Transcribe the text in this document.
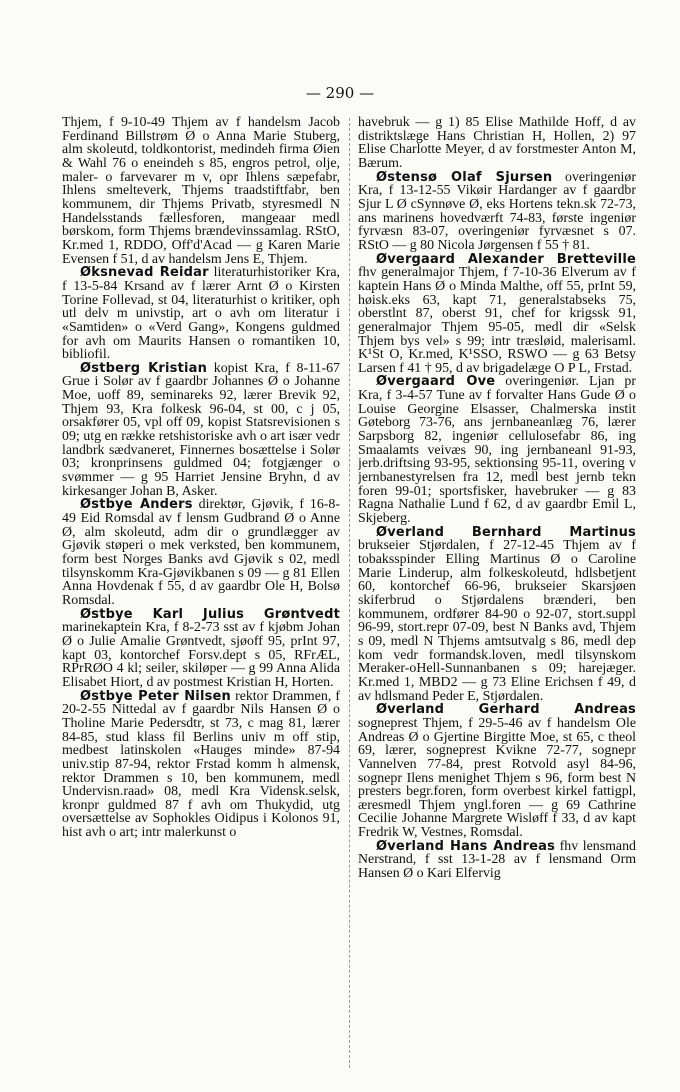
— 290 —

Thjem, f 9-10-49 Thjem av f handelsm Jacob Ferdinand Billstrøm Ø o Anna Marie Stuberg, alm skoleutd, toldkontorist, medindeh firma Øien & Wahl 76 o eneindeh s 85, engros petrol, olje, maler- o farvevarer m v, opr Ihlens sæpefabr, Ihlens smelteverk, Thjems traadstiftfabr, ben kommunem, dir Thjems Privatb, styresmedl N Handelsstands fællesforen, mangeaar medl børskom, form Thjems brændevinssamlag. RStO, Kr.med 1, RDDO, Off'd'Acad — g Karen Marie Evensen f 51, d av handelsm Jens E, Thjem.

Øksnevad Reidar literaturhistoriker Kra, f 13-5-84 Krsand av f lærer Arnt Ø o Kirsten Torine Follevad, st 04, literaturhist o kritiker, oph utl delv m univstip, art o avh om literatur i «Samtiden» o «Verd Gang», Kongens guldmed for avh om Maurits Hansen o romantiken 10, bibliofil.

Østberg Kristian kopist Kra, f 8-11-67 Grue i Solør av f gaardbr Johannes Ø o Johanne Moe, uoff 89, seminareks 92, lærer Brevik 92, Thjem 93, Kra folkesk 96-04, st 00, c j 05, orsakfører 05, vpl off 09, kopist Statsrevisionen s 09; utg en række retshistoriske avh o art især vedr landbrk sædvaneret, Finnernes bosættelse i Solør 03; kronprinsens guldmed 04; fotgjænger o svømmer — g 95 Harriet Jensine Bryhn, d av kirkesanger Johan B, Asker.

Østbye Anders direktør, Gjøvik, f 16-8-49 Eid Romsdal av f lensm Gudbrand Ø o Anne Ø, alm skoleutd, adm dir o grundlægger av Gjøvik støperi o mek verksted, ben kommunem, form best Norges Banks avd Gjøvik s 02, medl tilsynskomm Kra-Gjøvikbanen s 09 — g 81 Ellen Anna Hovdenak f 55, d av gaardbr Ole H, Bolsø Romsdal.

Østbye Karl Julius Grøntvedt marinekaptein Kra, f 8-2-73 sst av f kjøbm Johan Ø o Julie Amalie Grøntvedt, sjøoff 95, prInt 97, kapt 03, kontorchef Forsv.dept s 05, RFrÆL, RPrRØO 4 kl; seiler, skiløper — g 99 Anna Alida Elisabet Hiort, d av postmest Kristian H, Horten.

Østbye Peter Nilsen rektor Drammen, f 20-2-55 Nittedal av f gaardbr Nils Hansen Ø o Tholine Marie Pedersdtr, st 73, c mag 81, lærer 84-85, stud klass fil Berlins univ m off stip, medbest latinskolen «Hauges minde» 87-94 univ.stip 87-94, rektor Frstad komm h almensk, rektor Drammen s 10, ben kommunem, medl Undervisn.raad» 08, medl Kra Vidensk.selsk, kronpr guldmed 87 f avh om Thukydid, utg oversættelse av Sophokles Oidipus i Kolonos 91, hist avh o art; intr malerkunst o

havebruk — g 1) 85 Elise Mathilde Hoff, d av distriktslæge Hans Christian H, Hollen, 2) 97 Elise Charlotte Meyer, d av forstmester Anton M, Bærum.

Østensø Olaf Sjursen overingeniør Kra, f 13-12-55 Vikøir Hardanger av f gaardbr Sjur L Ø cSynnøve Ø, eks Hortens tekn.sk 72-73, ans marinens hovedværft 74-83, første ingeniør fyrvæsn 83-07, overingeniør fyrvæsnet s 07. RStO — g 80 Nicola Jørgensen f 55 † 81.

Øvergaard Alexander Bretteville fhv generalmajor Thjem, f 7-10-36 Elverum av f kaptein Hans Ø o Minda Malthe, off 55, prInt 59, høisk.eks 63, kapt 71, generalstabseks 75, oberstlnt 87, oberst 91, chef for krigssk 91, generalmajor Thjem 95-05, medl dir «Selsk Thjem bys vel» s 99; intr træsløid, malerisaml. K¹St O, Kr.med, K¹SSO, RSWO — g 63 Betsy Larsen f 41 † 95, d av brigadelæge O P L, Frstad.

Øvergaard Ove overingeniør. Ljan pr Kra, f 3-4-57 Tune av f forvalter Hans Gude Ø o Louise Georgine Elsasser, Chalmerska instit Gøteborg 73-76, ans jernbaneanlæg 76, lærer Sarpsborg 82, ingeniør cellulosefabr 86, ing Smaalamts veivæs 90, ing jernbaneanl 91-93, jerb.driftsing 93-95, sektionsing 95-11, overing v jernbanestyrelsen fra 12, medl best jernb tekn foren 99-01; sportsfisker, havebruker — g 83 Ragna Nathalie Lund f 62, d av gaardbr Emil L, Skjeberg.

Øverland Bernhard Martinus brukseier Stjørdalen, f 27-12-45 Thjem av f tobaksspinder Elling Martinus Ø o Caroline Marie Linderup, alm folkeskoleutd, hdlsbetjent 60, kontorchef 66-96, brukseier Skarsjøen skiferbrud o Stjørdalens brænderi, ben kommunem, ordfører 84-90 o 92-07, stort.suppl 96-99, stort.repr 07-09, best N Banks avd, Thjem s 09, medl N Thjems amtsutvalg s 86, medl dep kom vedr formandsk.loven, medl tilsynskom Meraker-oHell-Sunnanbanen s 09; harejæger. Kr.med 1, MBD2 — g 73 Eline Erichsen f 49, d av hdlsmand Peder E, Stjørdalen.

Øverland Gerhard Andreas sogneprest Thjem, f 29-5-46 av f handelsm Ole Andreas Ø o Gjertine Birgitte Moe, st 65, c theol 69, lærer, sogneprest Kvikne 72-77, sognepr Vannelven 77-84, prest Rotvold asyl 84-96, sognepr Ilens menighet Thjem s 96, form best N presters begr.foren, form overbest kirkel fattigpl, æresmedl Thjem yngl.foren — g 69 Cathrine Cecilie Johanne Margrete Wisløff f 33, d av kapt Fredrik W, Vestnes, Romsdal.

Øverland Hans Andreas fhv lensmand Nerstrand, f sst 13-1-28 av f lensmand Orm Hansen Ø o Kari Elfervig
